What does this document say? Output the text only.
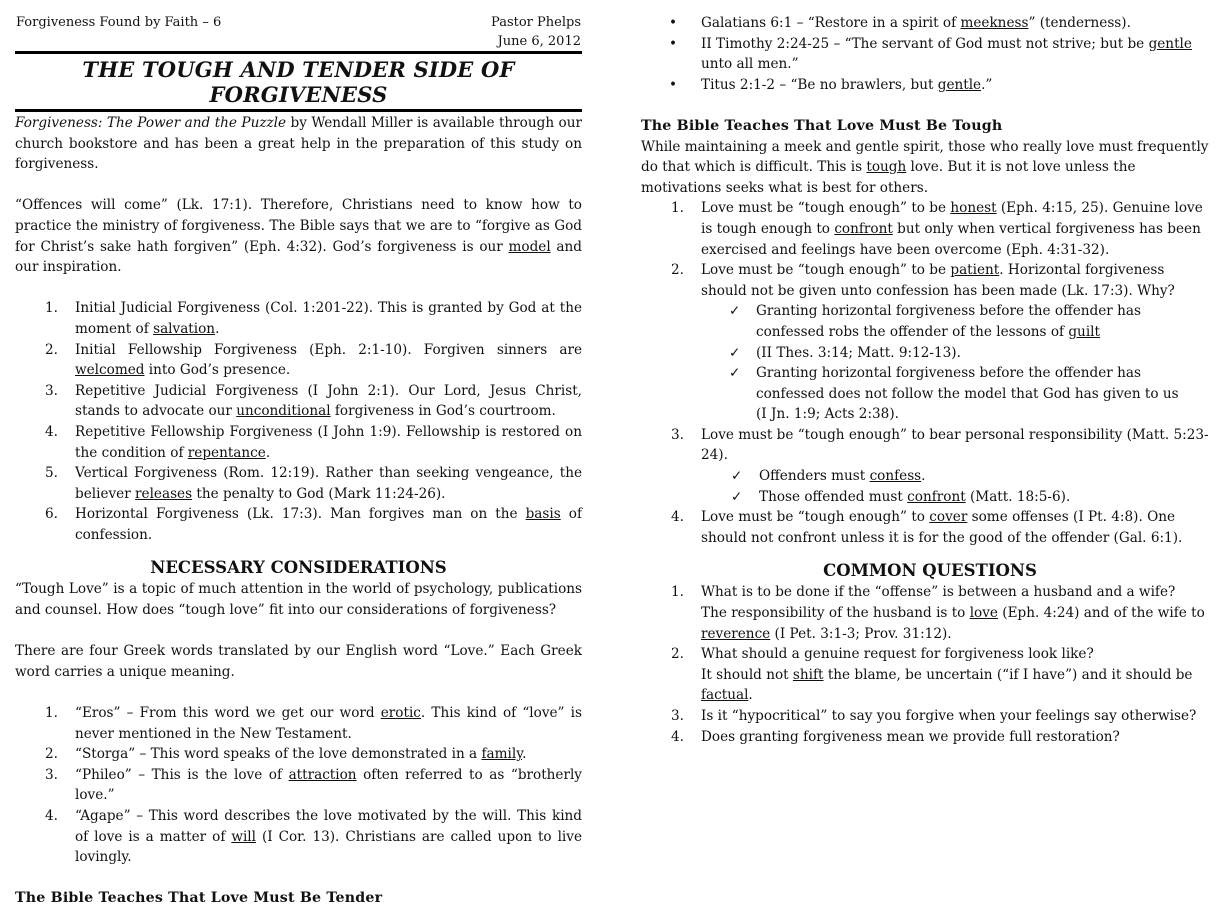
Forgiveness Found by Faith – 6	Pastor Phelps
June 6, 2012
THE TOUGH AND TENDER SIDE OF FORGIVENESS

Forgiveness: The Power and the Puzzle by Wendall Miller is available through our church bookstore and has been a great help in the preparation of this study on forgiveness.

“Offences will come” (Lk. 17:1). Therefore, Christians need to know how to practice the ministry of forgiveness. The Bible says that we are to “forgive as God for Christ’s sake hath forgiven” (Eph. 4:32). God’s forgiveness is our model and our inspiration.

1.	Initial Judicial Forgiveness (Col. 1:201-22). This is granted by God at the moment of salvation.
2.	Initial Fellowship Forgiveness (Eph. 2:1-10). Forgiven sinners are welcomed into God’s presence.
3.	Repetitive Judicial Forgiveness (I John 2:1). Our Lord, Jesus Christ, stands to advocate our unconditional forgiveness in God’s courtroom.
4.	Repetitive Fellowship Forgiveness (I John 1:9). Fellowship is restored on the condition of repentance.
5.	Vertical Forgiveness (Rom. 12:19). Rather than seeking vengeance, the believer releases the penalty to God (Mark 11:24-26).
6.	Horizontal Forgiveness (Lk. 17:3). Man forgives man on the basis of confession.
NECESSARY CONSIDERATIONS

“Tough Love” is a topic of much attention in the world of psychology, publications and counsel. How does “tough love” fit into our considerations of forgiveness?

There are four Greek words translated by our English word “Love.” Each Greek word carries a unique meaning.

1.	“Eros” – From this word we get our word erotic. This kind of “love” is never mentioned in the New Testament.
2.	“Storga” – This word speaks of the love demonstrated in a family.
3.	“Phileo” – This is the love of attraction often referred to as “brotherly love.”
4.	“Agape” – This word describes the love motivated by the will. This kind of love is a matter of will (I Cor. 13). Christians are called upon to live lovingly.
The Bible Teaches That Love Must Be Tender
•	Galatians 6:1 – “Restore in a spirit of meekness” (tenderness).
•	II Timothy 2:24-25 – “The servant of God must not strive; but be gentle unto all men.”
•	Titus 2:1-2 – “Be no brawlers, but gentle.”
The Bible Teaches That Love Must Be Tough

While maintaining a meek and gentle spirit, those who really love must frequently do that which is difficult. This is tough love. But it is not love unless the motivations seeks what is best for others.

1.	Love must be “tough enough” to be honest (Eph. 4:15, 25). Genuine love is tough enough to confront but only when vertical forgiveness has been exercised and feelings have been overcome (Eph. 4:31-32).
2.	Love must be “tough enough” to be patient. Horizontal forgiveness should not be given unto confession has been made (Lk. 17:3). Why?
✓	Granting horizontal forgiveness before the offender has confessed robs the offender of the lessons of guilt
✓	(II Thes. 3:14; Matt. 9:12-13).
✓	Granting horizontal forgiveness before the offender has confessed does not follow the model that God has given to us (I Jn. 1:9; Acts 2:38).
3.	Love must be “tough enough” to bear personal responsibility (Matt. 5:23-24).
✓	Offenders must confess.
✓	Those offended must confront (Matt. 18:5-6).
4.	Love must be “tough enough” to cover some offenses (I Pt. 4:8). One should not confront unless it is for the good of the offender (Gal. 6:1).
COMMON QUESTIONS
1.	What is to be done if the “offense” is between a husband and a wife?
The responsibility of the husband is to love (Eph. 4:24) and of the wife to reverence (I Pet. 3:1-3; Prov. 31:12).
2.	What should a genuine request for forgiveness look like?
It should not shift the blame, be uncertain (“if I have”) and it should be factual.
3.	Is it “hypocritical” to say you forgive when your feelings say otherwise?
4.	Does granting forgiveness mean we provide full restoration?
